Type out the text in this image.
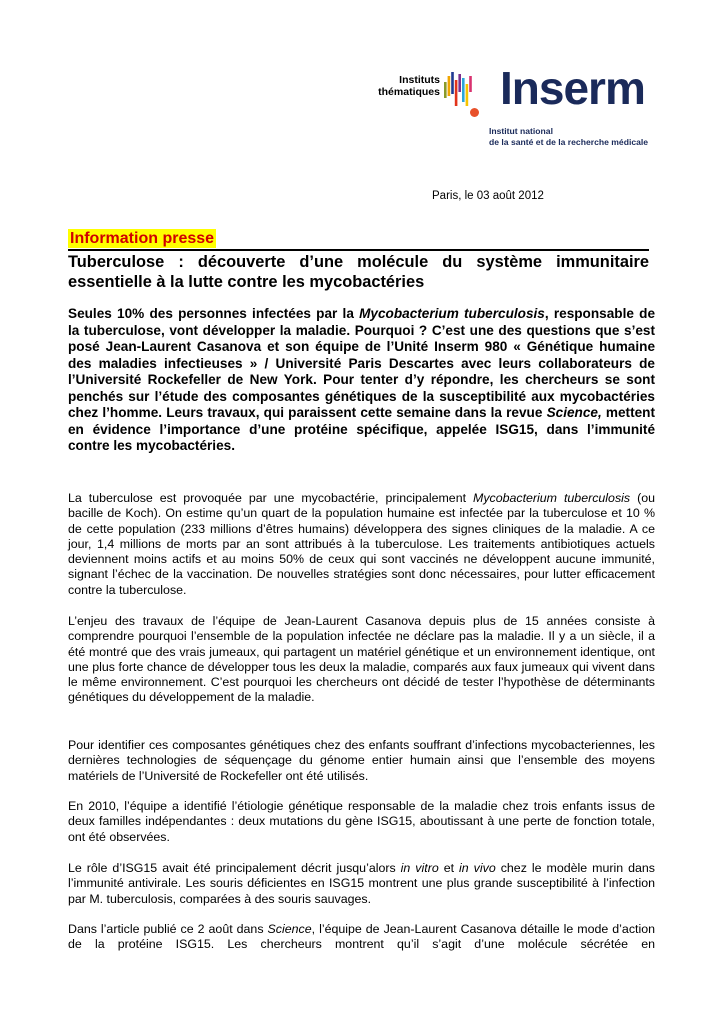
Instituts
thématiques Inserm
Institut national
de la santé et de la recherche médicale
Paris, le 03 août 2012
Information presse
Tuberculose : découverte d’une molécule du système immunitaire essentielle à la lutte contre les mycobactéries
Seules 10% des personnes infectées par la Mycobacterium tuberculosis, responsable de la tuberculose, vont développer la maladie. Pourquoi ? C’est une des questions que s’est posé Jean-Laurent Casanova et son équipe de l’Unité Inserm 980 « Génétique humaine des maladies infectieuses » / Université Paris Descartes avec leurs collaborateurs de l’Université Rockefeller de New York. Pour tenter d’y répondre, les chercheurs se sont penchés sur l’étude des composantes génétiques de la susceptibilité aux mycobactéries chez l’homme. Leurs travaux, qui paraissent cette semaine dans la revue Science, mettent en évidence l’importance d’une protéine spécifique, appelée ISG15, dans l’immunité contre les mycobactéries.
La tuberculose est provoquée par une mycobactérie, principalement Mycobacterium tuberculosis (ou bacille de Koch). On estime qu’un quart de la population humaine est infectée par la tuberculose et 10 % de cette population (233 millions d’êtres humains) développera des signes cliniques de la maladie. A ce jour, 1,4 millions de morts par an sont attribués à la tuberculose. Les traitements antibiotiques actuels deviennent moins actifs et au moins 50% de ceux qui sont vaccinés ne développent aucune immunité, signant l’échec de la vaccination. De nouvelles stratégies sont donc nécessaires, pour lutter efficacement contre la tuberculose.
L’enjeu des travaux de l’équipe de Jean-Laurent Casanova depuis plus de 15 années consiste à comprendre pourquoi l’ensemble de la population infectée ne déclare pas la maladie. Il y a un siècle, il a été montré que des vrais jumeaux, qui partagent un matériel génétique et un environnement identique, ont une plus forte chance de développer tous les deux la maladie, comparés aux faux jumeaux qui vivent dans le même environnement. C’est pourquoi les chercheurs ont décidé de tester l’hypothèse de déterminants génétiques du développement de la maladie.
Pour identifier ces composantes génétiques chez des enfants souffrant d’infections mycobacteriennes, les dernières technologies de séquençage du génome entier humain ainsi que l’ensemble des moyens matériels de l’Université de Rockefeller ont été utilisés.
En 2010, l’équipe a identifié l’étiologie génétique responsable de la maladie chez trois enfants issus de deux familles indépendantes : deux mutations du gène ISG15, aboutissant à une perte de fonction totale, ont été observées.
Le rôle d’ISG15 avait été principalement décrit jusqu’alors in vitro et in vivo chez le modèle murin dans l’immunité antivirale. Les souris déficientes en ISG15 montrent une plus grande susceptibilité à l’infection par M. tuberculosis, comparées à des souris sauvages.
Dans l’article publié ce 2 août dans Science, l’équipe de Jean-Laurent Casanova détaille le mode d’action de la protéine ISG15. Les chercheurs montrent qu’il s’agit d’une molécule sécrétée en
